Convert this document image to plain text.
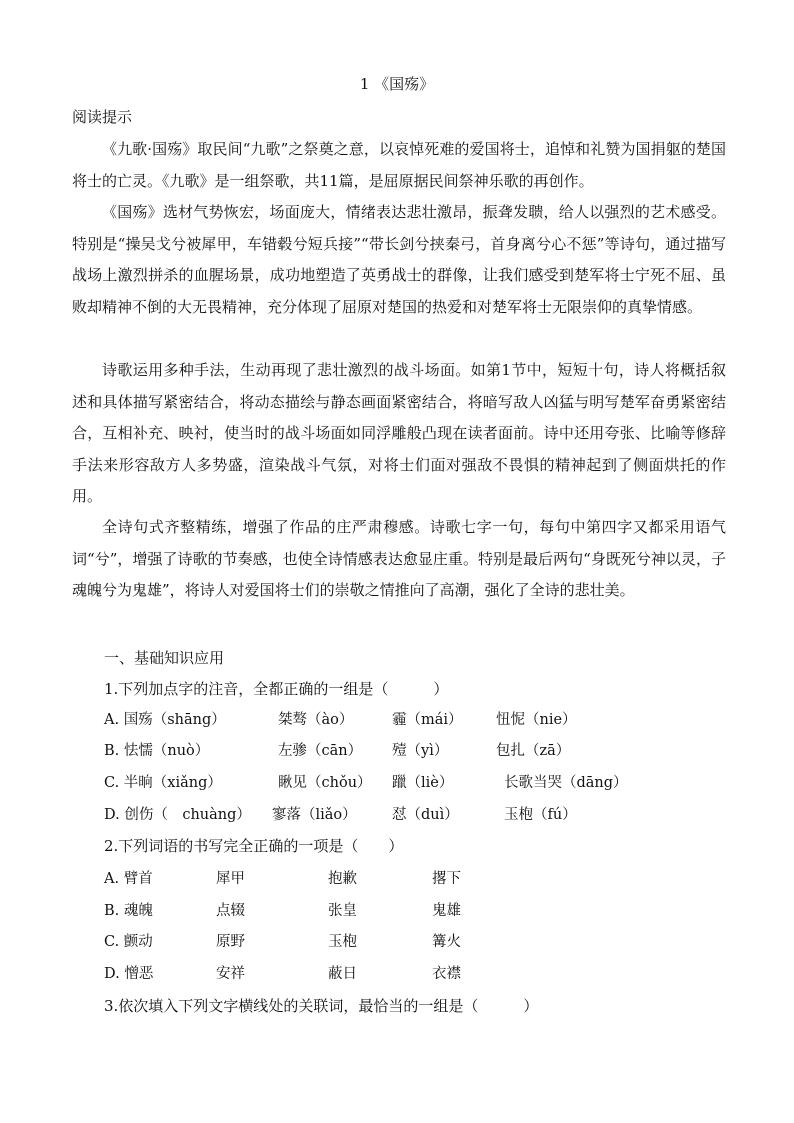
1 《国殇》
阅读提示

《九歌·国殇》取民间“九歌”之祭奠之意，以哀悼死难的爱国将士，追悼和礼赞为国捐躯的楚国将士的亡灵。《九歌》是一组祭歌，共11篇，是屈原据民间祭神乐歌的再创作。

《国殇》选材气势恢宏，场面庞大，情绪表达悲壮激昂，振聋发聩，给人以强烈的艺术感受。特别是“操吴戈兮被犀甲，车错毂兮短兵接”“带长剑兮挟秦弓，首身离兮心不惩”等诗句，通过描写战场上激烈拼杀的血腥场景，成功地塑造了英勇战士的群像，让我们感受到楚军将士宁死不屈、虽败却精神不倒的大无畏精神，充分体现了屈原对楚国的热爱和对楚军将士无限崇仰的真挚情感。

诗歌运用多种手法，生动再现了悲壮激烈的战斗场面。如第1节中，短短十句，诗人将概括叙述和具体描写紧密结合，将动态描绘与静态画面紧密结合，将暗写敌人凶猛与明写楚军奋勇紧密结合，互相补充、映衬，使当时的战斗场面如同浮雕般凸现在读者面前。诗中还用夸张、比喻等修辞手法来形容敌方人多势盛，渲染战斗气氛，对将士们面对强敌不畏惧的精神起到了侧面烘托的作用。

全诗句式齐整精练，增强了作品的庄严肃穆感。诗歌七字一句，每句中第四字又都采用语气词“兮”，增强了诗歌的节奏感，也使全诗情感表达愈显庄重。特别是最后两句“身既死兮神以灵，子魂魄兮为鬼雄”，将诗人对爱国将士们的崇敬之情推向了高潮，强化了全诗的悲壮美。

一、基础知识应用
1.下列加点字的注音，全都正确的一组是（　　　）
A. 国殇（shāng）	桀骜（ào）	霾（mái） 忸怩（nie）
B. 怯懦（nuò）	左骖（cān） 殪（yì）	包扎（zā）
C. 半晌（xiǎng）	瞅见（chǒu） 躐（liè）	长歌当哭（dāng）
D. 创伤（　chuàng） 寥落（liǎo） 怼（duì）	玉枹（fú）
2.下列词语的书写完全正确的一项是（　　）
A. 臂首	犀甲	抱歉	撂下
B. 魂魄	点辍	张皇	鬼雄
C. 颤动	原野	玉枹	篝火
D. 憎恶	安祥	蔽日	衣襟
3.依次填入下列文字横线处的关联词，最恰当的一组是（　　　）
